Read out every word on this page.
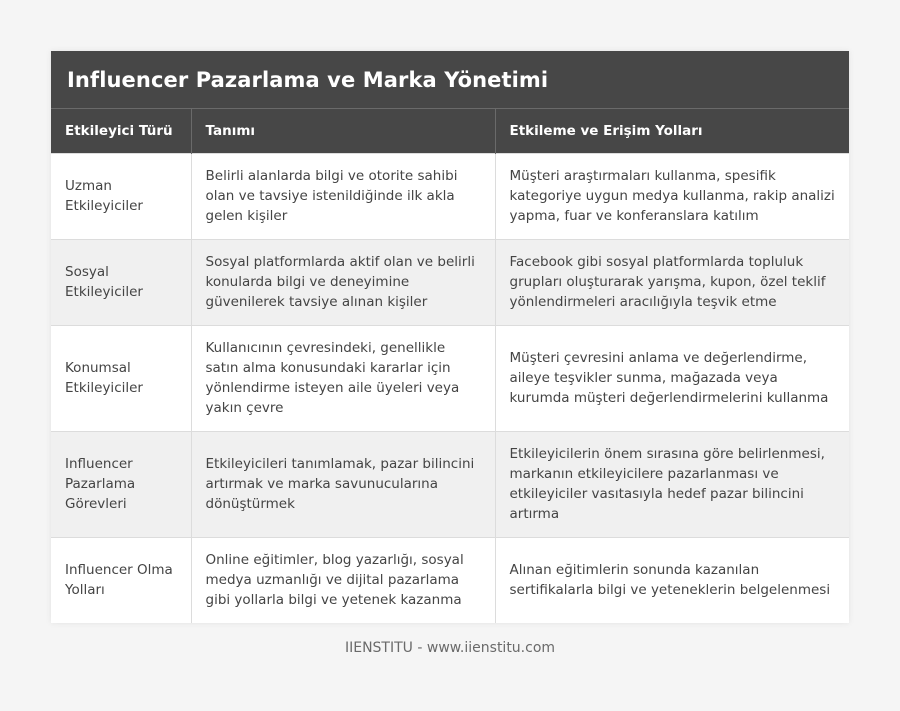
Influencer Pazarlama ve Marka Yönetimi
Etkileyici Türü	Tanımı	Etkileme ve Erişim Yolları
Uzman Etkileyiciler	Belirli alanlarda bilgi ve otorite sahibi olan ve tavsiye istenildiğinde ilk akla gelen kişiler	Müşteri araştırmaları kullanma, spesifik kategoriye uygun medya kullanma, rakip analizi yapma, fuar ve konferanslara katılım
Sosyal Etkileyiciler	Sosyal platformlarda aktif olan ve belirli konularda bilgi ve deneyimine güvenilerek tavsiye alınan kişiler	Facebook gibi sosyal platformlarda topluluk grupları oluşturarak yarışma, kupon, özel teklif yönlendirmeleri aracılığıyla teşvik etme
Konumsal Etkileyiciler	Kullanıcının çevresindeki, genellikle satın alma konusundaki kararlar için yönlendirme isteyen aile üyeleri veya yakın çevre	Müşteri çevresini anlama ve değerlendirme, aileye teşvikler sunma, mağazada veya kurumda müşteri değerlendirmelerini kullanma
Influencer Pazarlama Görevleri	Etkileyicileri tanımlamak, pazar bilincini artırmak ve marka savunucularına dönüştürmek	Etkileyicilerin önem sırasına göre belirlenmesi, markanın etkileyicilere pazarlanması ve etkileyiciler vasıtasıyla hedef pazar bilincini artırma
Influencer Olma Yolları	Online eğitimler, blog yazarlığı, sosyal medya uzmanlığı ve dijital pazarlama gibi yollarla bilgi ve yetenek kazanma	Alınan eğitimlerin sonunda kazanılan sertifikalarla bilgi ve yeteneklerin belgelenmesi
IIENSTITU - www.iienstitu.com
